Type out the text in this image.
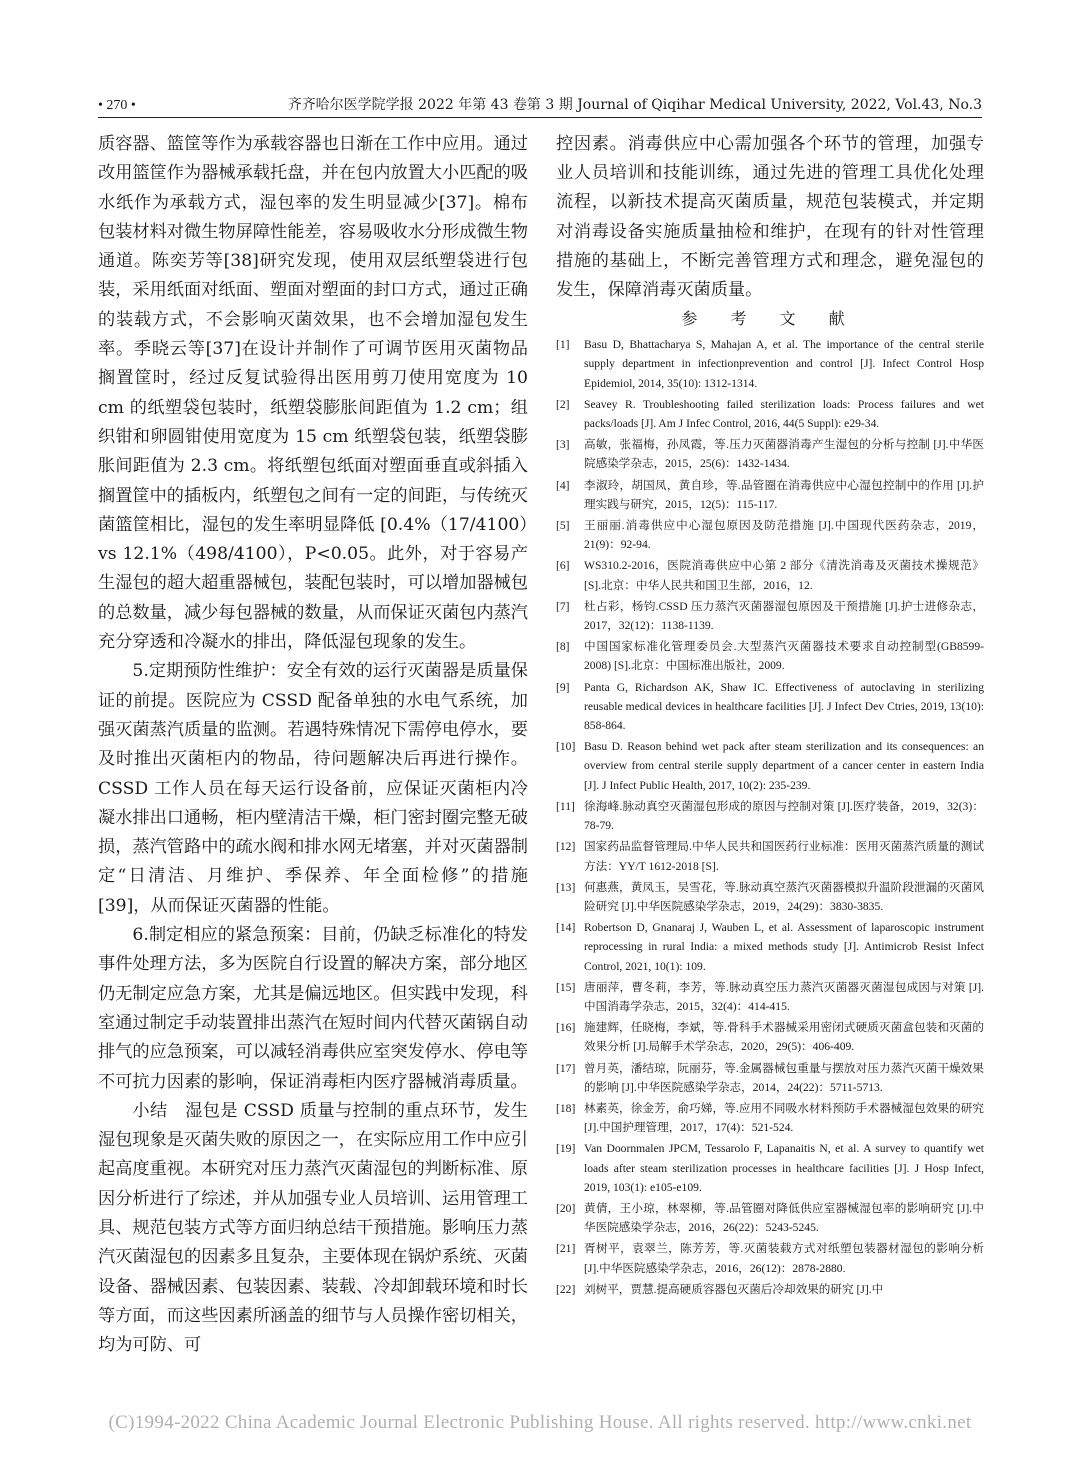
• 270 •	齐齐哈尔医学院学报 2022 年第 43 卷第 3 期 Journal of Qiqihar Medical University, 2022, Vol.43, No.3

质容器、篮筐等作为承载容器也日渐在工作中应用。通过改用篮筐作为器械承载托盘，并在包内放置大小匹配的吸水纸作为承载方式，湿包率的发生明显减少[37]。棉布包装材料对微生物屏障性能差，容易吸收水分形成微生物通道。陈奕芳等[38]研究发现，使用双层纸塑袋进行包装，采用纸面对纸面、塑面对塑面的封口方式，通过正确的装载方式，不会影响灭菌效果，也不会增加湿包发生率。季晓云等[37]在设计并制作了可调节医用灭菌物品搁置筐时，经过反复试验得出医用剪刀使用宽度为 10 cm 的纸塑袋包装时，纸塑袋膨胀间距值为 1.2 cm；组织钳和卵圆钳使用宽度为 15 cm 纸塑袋包装，纸塑袋膨胀间距值为 2.3 cm。将纸塑包纸面对塑面垂直或斜插入搁置筐中的插板内，纸塑包之间有一定的间距，与传统灭菌篮筐相比，湿包的发生率明显降低 [0.4%（17/4100）vs 12.1%（498/4100），P<0.05。此外，对于容易产生湿包的超大超重器械包，装配包装时，可以增加器械包的总数量，减少每包器械的数量，从而保证灭菌包内蒸汽充分穿透和冷凝水的排出，降低湿包现象的发生。

5.定期预防性维护：安全有效的运行灭菌器是质量保证的前提。医院应为 CSSD 配备单独的水电气系统，加强灭菌蒸汽质量的监测。若遇特殊情况下需停电停水，要及时推出灭菌柜内的物品，待问题解决后再进行操作。CSSD 工作人员在每天运行设备前，应保证灭菌柜内冷凝水排出口通畅，柜内壁清洁干燥，柜门密封圈完整无破损，蒸汽管路中的疏水阀和排水网无堵塞，并对灭菌器制定“日清洁、月维护、季保养、年全面检修”的措施[39]，从而保证灭菌器的性能。

6.制定相应的紧急预案：目前，仍缺乏标准化的特发事件处理方法，多为医院自行设置的解决方案，部分地区仍无制定应急方案，尤其是偏远地区。但实践中发现，科室通过制定手动装置排出蒸汽在短时间内代替灭菌锅自动排气的应急预案，可以减轻消毒供应室突发停水、停电等不可抗力因素的影响，保证消毒柜内医疗器械消毒质量。

小结　湿包是 CSSD 质量与控制的重点环节，发生湿包现象是灭菌失败的原因之一，在实际应用工作中应引起高度重视。本研究对压力蒸汽灭菌湿包的判断标准、原因分析进行了综述，并从加强专业人员培训、运用管理工具、规范包装方式等方面归纳总结干预措施。影响压力蒸汽灭菌湿包的因素多且复杂，主要体现在锅炉系统、灭菌设备、器械因素、包装因素、装载、冷却卸载环境和时长等方面，而这些因素所涵盖的细节与人员操作密切相关，均为可防、可

控因素。消毒供应中心需加强各个环节的管理，加强专业人员培训和技能训练，通过先进的管理工具优化处理流程，以新技术提高灭菌质量，规范包装模式，并定期对消毒设备实施质量抽检和维护，在现有的针对性管理措施的基础上，不断完善管理方式和理念，避免湿包的发生，保障消毒灭菌质量。

参 考 文 献
[1]	Basu D, Bhattacharya S, Mahajan A, et al. The importance of the central sterile supply department in infectionprevention and control [J]. Infect Control Hosp Epidemiol, 2014, 35(10): 1312-1314.
[2]	Seavey R. Troubleshooting failed sterilization loads: Process failures and wet packs/loads [J]. Am J Infec Control, 2016, 44(5 Suppl): e29-34.
[3]	高敏，张福梅，孙凤霞，等.压力灭菌器消毒产生湿包的分析与控制 [J].中华医院感染学杂志，2015，25(6)：1432-1434.
[4]	李淑玲，胡国凤，黄自珍，等.品管圈在消毒供应中心湿包控制中的作用 [J].护理实践与研究，2015，12(5)：115-117.
[5]	王丽丽.消毒供应中心湿包原因及防范措施 [J].中国现代医药杂志，2019，21(9)：92-94.
[6]	WS310.2-2016，医院消毒供应中心第 2 部分《清洗消毒及灭菌技术操规范》[S].北京：中华人民共和国卫生部，2016，12.
[7]	杜占彩，杨钧.CSSD 压力蒸汽灭菌器湿包原因及干预措施 [J].护士进修杂志，2017，32(12)：1138-1139.
[8]	中国国家标准化管理委员会.大型蒸汽灭菌器技术要求自动控制型(GB8599-2008) [S].北京：中国标准出版社，2009.
[9]	Panta G, Richardson AK, Shaw IC. Effectiveness of autoclaving in sterilizing reusable medical devices in healthcare facilities [J]. J Infect Dev Ctries, 2019, 13(10): 858-864.
[10] Basu D. Reason behind wet pack after steam sterilization and its consequences: an overview from central sterile supply department of a cancer center in eastern India [J]. J Infect Public Health, 2017, 10(2): 235-239.
[11] 徐海峰.脉动真空灭菌湿包形成的原因与控制对策 [J].医疗装备，2019，32(3)：78-79.
[12] 国家药品监督管理局.中华人民共和国医药行业标准：医用灭菌蒸汽质量的测试方法：YY/T 1612-2018 [S].
[13] 何惠燕，黄凤玉，吴雪花，等.脉动真空蒸汽灭菌器模拟升温阶段泄漏的灭菌风险研究 [J].中华医院感染学杂志，2019，24(29)：3830-3835.
[14] Robertson D, Gnanaraj J, Wauben L, et al. Assessment of laparoscopic instrument reprocessing in rural India: a mixed methods study [J]. Antimicrob Resist Infect Control, 2021, 10(1): 109.
[15] 唐丽萍，曹冬莉，李芳，等.脉动真空压力蒸汽灭菌器灭菌湿包成因与对策 [J].中国消毒学杂志，2015，32(4)：414-415.
[16] 施建辉，任晓梅，李斌，等.骨科手术器械采用密闭式硬质灭菌盒包装和灭菌的效果分析 [J].局解手术学杂志，2020，29(5)：406-409.
[17] 曾月英，潘结琼，阮丽芬，等.金属器械包重量与摆放对压力蒸汽灭菌干燥效果的影响 [J].中华医院感染学杂志，2014，24(22)：5711-5713.
[18] 林素英，徐金芳，俞巧娣，等.应用不同吸水材料预防手术器械湿包效果的研究 [J].中国护理管理，2017，17(4)：521-524.
[19] Van Doornmalen JPCM, Tessarolo F, Lapanaitis N, et al. A survey to quantify wet loads after steam sterilization processes in healthcare facilities [J]. J Hosp Infect, 2019, 103(1): e105-e109.
[20] 黄倩，王小琼，林翠柳，等.品管圈对降低供应室器械湿包率的影响研究 [J].中华医院感染学杂志，2016，26(22)：5243-5245.
[21] 胥树平，袁翠兰，陈芳芳，等.灭菌装载方式对纸塑包装器材湿包的影响分析 [J].中华医院感染学杂志，2016，26(12)：2878-2880.
[22] 刘树平，贾慧.提高硬质容器包灭菌后冷却效果的研究 [J].中
(C)1994-2022 China Academic Journal Electronic Publishing House. All rights reserved. http://www.cnki.net
